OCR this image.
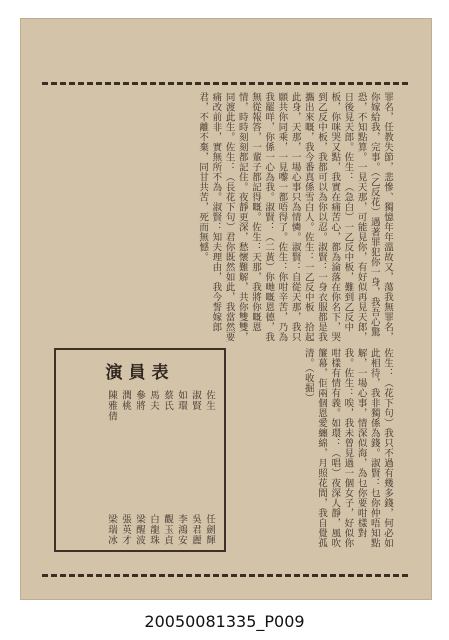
罪名，任教失節，悲慘、獨憶年年溫故又，蕩我無罪名，你嫁給我，完事。（乙反花）遇著罪犯你一身，我吾心驚恐，不知點算。一見天那，可能見你，有好似再見天郎，日後見天郎。佐生：（急白）一乙反中板，難到乙反中板，你咪哭又點，我實在痛苦心，都為淪落在你名下，哭到乙反中板，我都可以為你以忍。淑賢：一身衣服都是我攜出來嘅，我今番真係雪白人。佐生：一乙反中板　拾起此身，天那，一場心事只為情憐。淑賢：自從天那，我只願共你同乘，一見嚟一都唔得了。佐生：你咁辛苦，乃為我罷咩，你係一心為我。淑賢：（二黃）你哋嘅恩德，我無從報答，一輩子都記得嘅。佐生：天那，我將你嘅恩情，時時刻刻都記住。夜靜更深，愁懷難解，共你雙雙，同渡此生。佐生：（長花下句）君你既然如此，我當然要痛改前非，實無所不為。淑賢：知夫理由，我今誓嫁郎君，不離不棄，同甘共苦，死而無憾。
演員表
佐生
任劍輝
淑賢
吳君麗
如環
李鴻安
蔡氏
觀玉貞
馬夫
白龍珠
參將
梁醒波
潤桃
張英才
陳雅倩
梁瑞冰	佐生：（花下句）我只不過有幾多錢，何必如此相待，我非獨係為錢。淑賢：乜你仲唔知點解，一場心事，情深似海，為乜你要咁樣對我。佐生：唉，我未曾見過一個女子，好似你咁樣有情有義。如環：（唱）夜深人靜，風吹簾幕，佢兩個恩愛纏綿，月照花間，我自覺孤清。（收掘）
20050081335_P009
